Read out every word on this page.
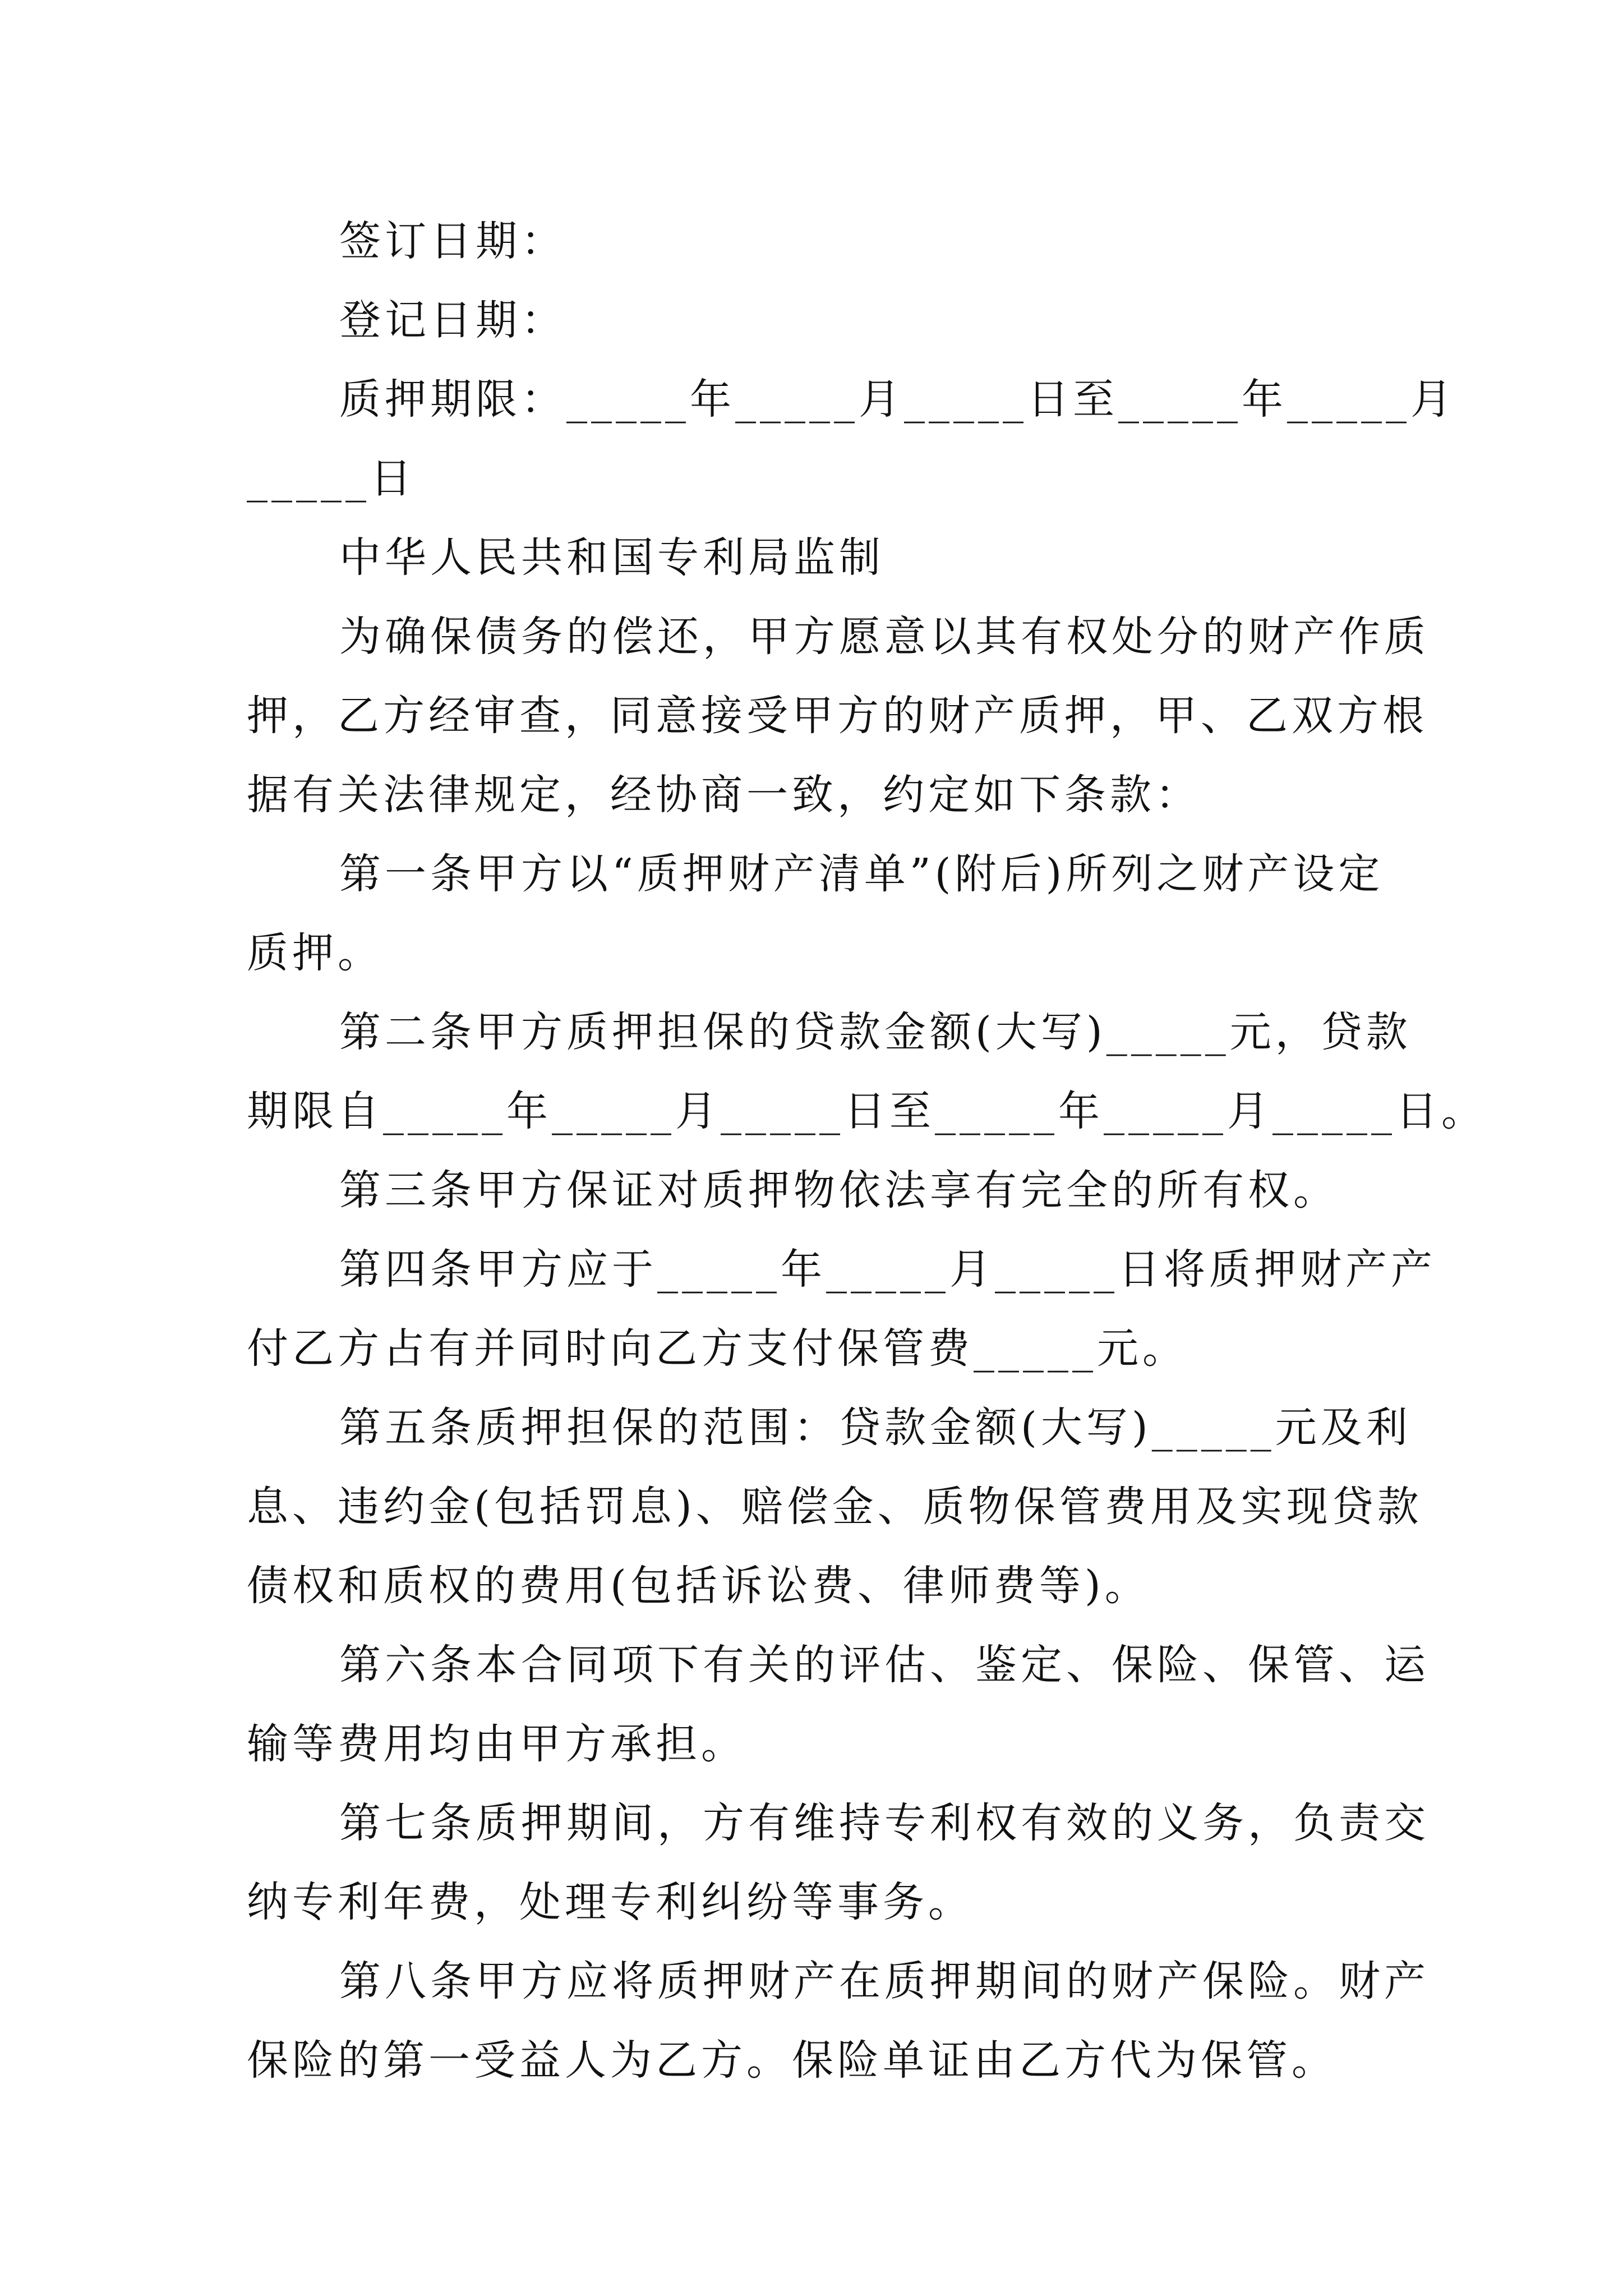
签订日期：
登记日期：
质押期限：_____年_____月_____日至_____年_____月
_____日
中华人民共和国专利局监制
为确保债务的偿还，甲方愿意以其有权处分的财产作质
押，乙方经审查，同意接受甲方的财产质押，甲、乙双方根
据有关法律规定，经协商一致，约定如下条款：
第一条甲方以“质押财产清单”(附后)所列之财产设定
质押。
第二条甲方质押担保的贷款金额(大写)_____元，贷款
期限自_____年_____月_____日至_____年_____月_____日。
第三条甲方保证对质押物依法享有完全的所有权。
第四条甲方应于_____年_____月_____日将质押财产产
付乙方占有并同时向乙方支付保管费_____元。
第五条质押担保的范围：贷款金额(大写)_____元及利
息、违约金(包括罚息)、赔偿金、质物保管费用及实现贷款
债权和质权的费用(包括诉讼费、律师费等)。
第六条本合同项下有关的评估、鉴定、保险、保管、运
输等费用均由甲方承担。
第七条质押期间，方有维持专利权有效的义务，负责交
纳专利年费，处理专利纠纷等事务。
第八条甲方应将质押财产在质押期间的财产保险。财产
保险的第一受益人为乙方。保险单证由乙方代为保管。
